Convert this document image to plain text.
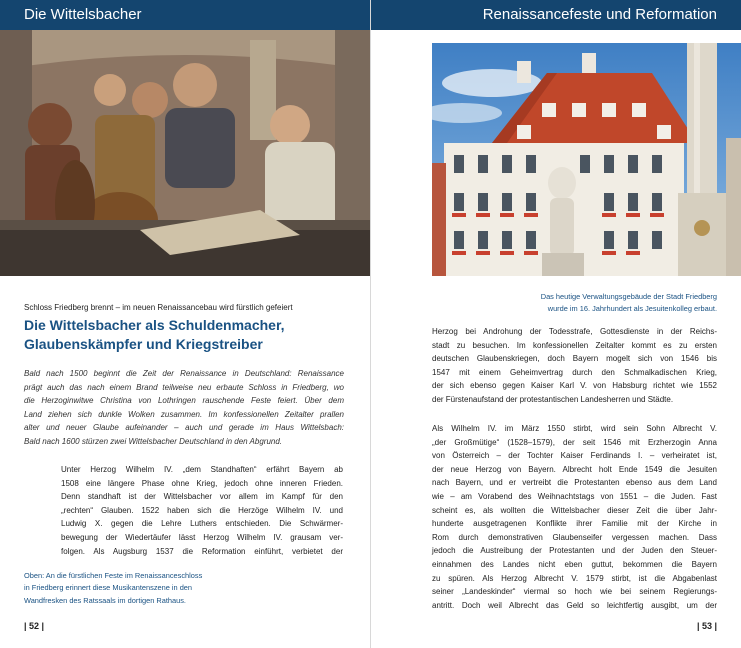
Die Wittelsbacher
Schloss Friedberg brennt – im neuen Renaissancebau wird fürstlich gefeiert
Die Wittelsbacher als Schuldenmacher,
Glaubenskämpfer und Kriegstreiber
Bald nach 1500 beginnt die Zeit der Renaissance in Deutschland: Renaissance
prägt auch das nach einem Brand teilweise neu erbaute Schloss in Friedberg, wo
die Herzoginwitwe Christina von Lothringen rauschende Feste feiert. Über dem
Land ziehen sich dunkle Wolken zusammen. Im konfessionellen Zeitalter prallen
alter und neuer Glaube aufeinander – auch und gerade im Haus Wittelsbach:
Bald nach 1600 stürzen zwei Wittelsbacher Deutschland in den Abgrund.
Unter Herzog Wilhelm IV. „dem Standhaften“ erfährt Bayern ab
1508 eine längere Phase ohne Krieg, jedoch ohne inneren Frieden.
Denn standhaft ist der Wittelsbacher vor allem im Kampf für den
„rechten“ Glauben. 1522 haben sich die Herzöge Wilhelm IV. und
Ludwig X. gegen die Lehre Luthers entschieden. Die Schwärmer-
bewegung der Wiedertäufer lässt Herzog Wilhelm IV. grausam ver-
folgen. Als Augsburg 1537 die Reformation einführt, verbietet der
Oben: An die fürstlichen Feste im Renaissanceschloss
in Friedberg erinnert diese Musikantenszene in den
Wandfresken des Ratssaals im dortigen Rathaus.
| 52 |
Renaissancefeste und Reformation
Das heutige Verwaltungsgebäude der Stadt Friedberg
wurde im 16. Jahrhundert als Jesuitenkolleg erbaut.
Herzog bei Androhung der Todesstrafe, Gottesdienste in der Reichs-
stadt zu besuchen. Im konfessionellen Zeitalter kommt es zu ersten
deutschen Glaubenskriegen, doch Bayern mogelt sich von 1546 bis
1547 mit einem Geheimvertrag durch den Schmalkadischen Krieg,
der sich ebenso gegen Kaiser Karl V. von Habsburg richtet wie 1552
der Fürstenaufstand der protestantischen Landesherren und Städte.
Als Wilhelm IV. im März 1550 stirbt, wird sein Sohn Albrecht V.
„der Großmütige“ (1528–1579), der seit 1546 mit Erzherzogin Anna
von Österreich – der Tochter Kaiser Ferdinands I. – verheiratet ist,
der neue Herzog von Bayern. Albrecht holt Ende 1549 die Jesuiten
nach Bayern, und er vertreibt die Protestanten ebenso aus dem Land
wie – am Vorabend des Weihnachtstags von 1551 – die Juden. Fast
scheint es, als wollten die Wittelsbacher dieser Zeit die über Jahr-
hunderte ausgetragenen Konflikte ihrer Familie mit der Kirche in
Rom durch demonstrativen Glaubenseifer vergessen machen. Dass
jedoch die Austreibung der Protestanten und der Juden den Steuer-
einnahmen des Landes nicht eben guttut, bekommen die Bayern
zu spüren. Als Herzog Albrecht V. 1579 stirbt, ist die Abgabenlast
seiner „Landeskinder“ viermal so hoch wie bei seinem Regierungs-
antritt. Doch weil Albrecht das Geld so leichtfertig ausgibt, um der
| 53 |
